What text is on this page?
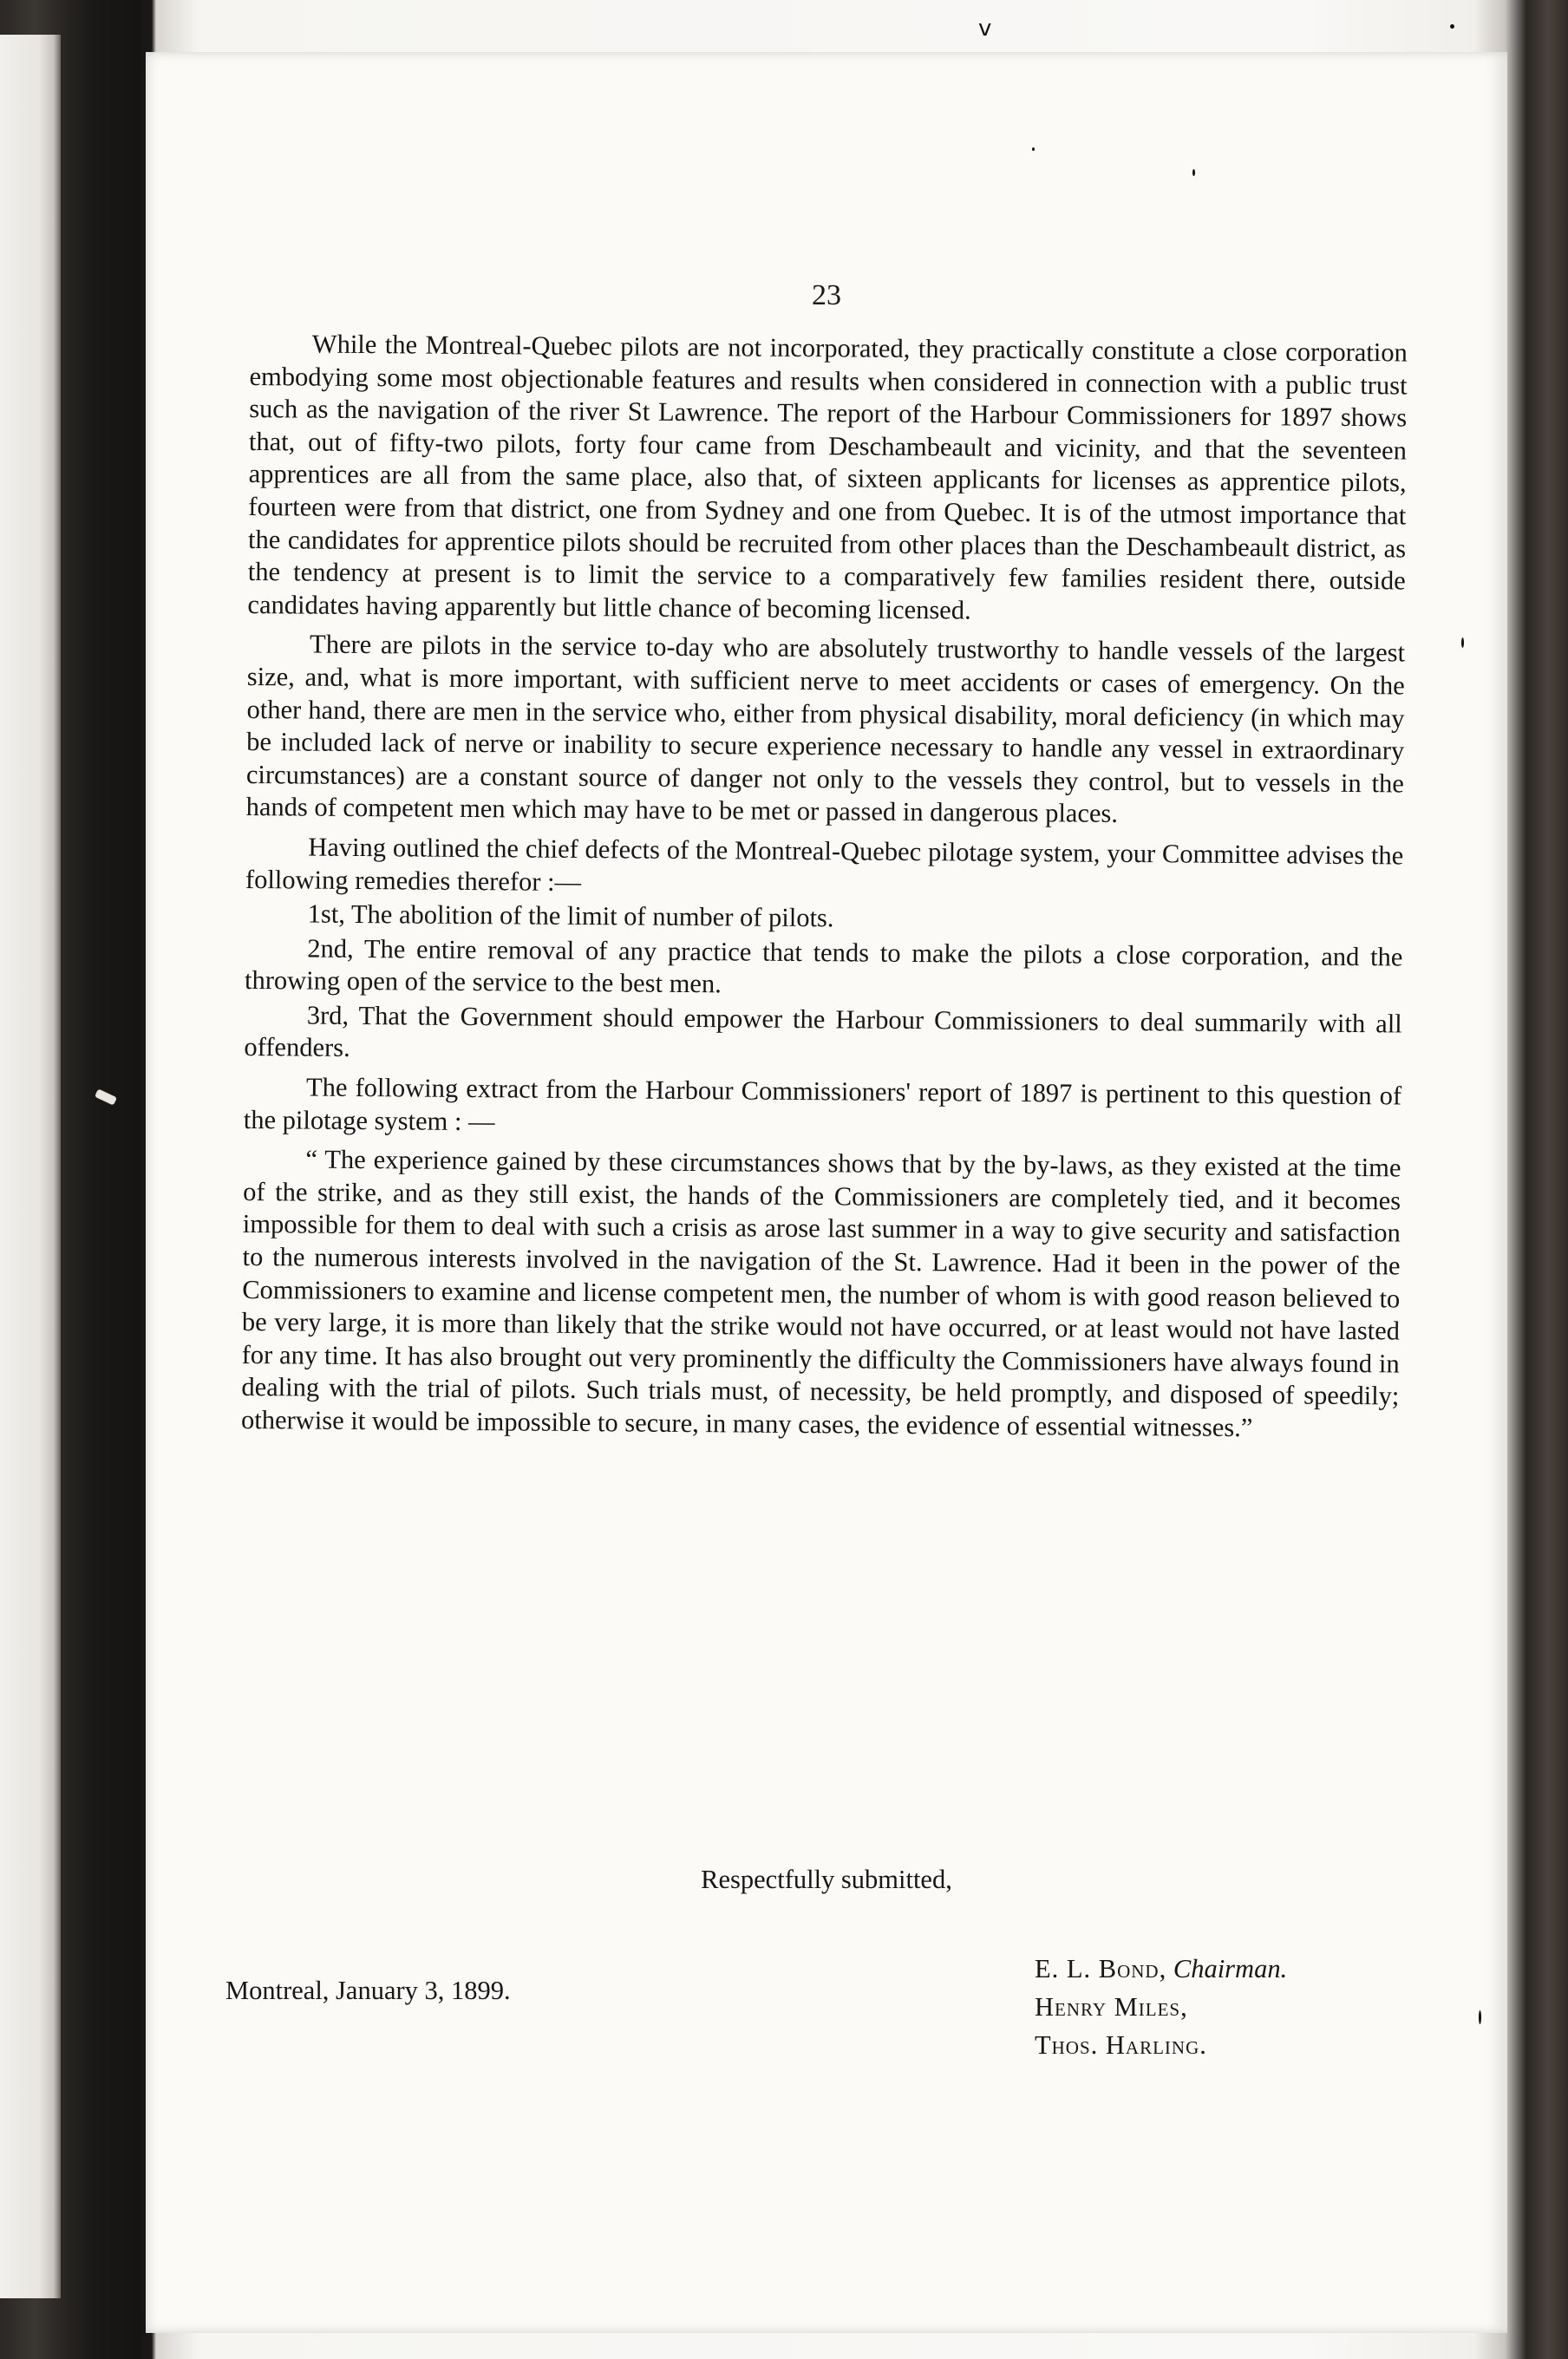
v
23

While the Montreal-Quebec pilots are not incorporated, they practically constitute a close corporation embodying some most objectionable features and results when considered in connection with a public trust such as the navigation of the river St Lawrence. The report of the Harbour Commissioners for 1897 shows that, out of fifty-two pilots, forty four came from Deschambeault and vicinity, and that the seventeen apprentices are all from the same place, also that, of sixteen applicants for licenses as apprentice pilots, fourteen were from that district, one from Sydney and one from Quebec. It is of the utmost importance that the candidates for apprentice pilots should be recruited from other places than the Deschambeault district, as the tendency at present is to limit the service to a comparatively few families resident there, outside candidates having apparently but little chance of becoming licensed.

There are pilots in the service to-day who are absolutely trustworthy to handle vessels of the largest size, and, what is more important, with sufficient nerve to meet accidents or cases of emergency. On the other hand, there are men in the service who, either from physical disability, moral deficiency (in which may be included lack of nerve or inability to secure experience necessary to handle any vessel in extraordinary circumstances) are a constant source of danger not only to the vessels they control, but to vessels in the hands of competent men which may have to be met or passed in dangerous places.

Having outlined the chief defects of the Montreal-Quebec pilotage system, your Committee advises the following remedies therefor :—

1st, The abolition of the limit of number of pilots.

2nd, The entire removal of any practice that tends to make the pilots a close corporation, and the throwing open of the service to the best men.

3rd, That the Government should empower the Harbour Commissioners to deal summarily with all offenders.

The following extract from the Harbour Commissioners' report of 1897 is pertinent to this question of the pilotage system : —

“ The experience gained by these circumstances shows that by the by-laws, as they existed at the time of the strike, and as they still exist, the hands of the Commissioners are completely tied, and it becomes impossible for them to deal with such a crisis as arose last summer in a way to give security and satisfaction to the numerous interests involved in the navigation of the St. Lawrence. Had it been in the power of the Commissioners to examine and license competent men, the number of whom is with good reason believed to be very large, it is more than likely that the strike would not have occurred, or at least would not have lasted for any time. It has also brought out very prominently the difficulty the Commissioners have always found in dealing with the trial of pilots. Such trials must, of necessity, be held promptly, and disposed of speedily; otherwise it would be impossible to secure, in many cases, the evidence of essential witnesses.”

Respectfully submitted,
Montreal, January 3, 1899.
E. L. Bond, Chairman.
Henry Miles,
Thos. Harling.
